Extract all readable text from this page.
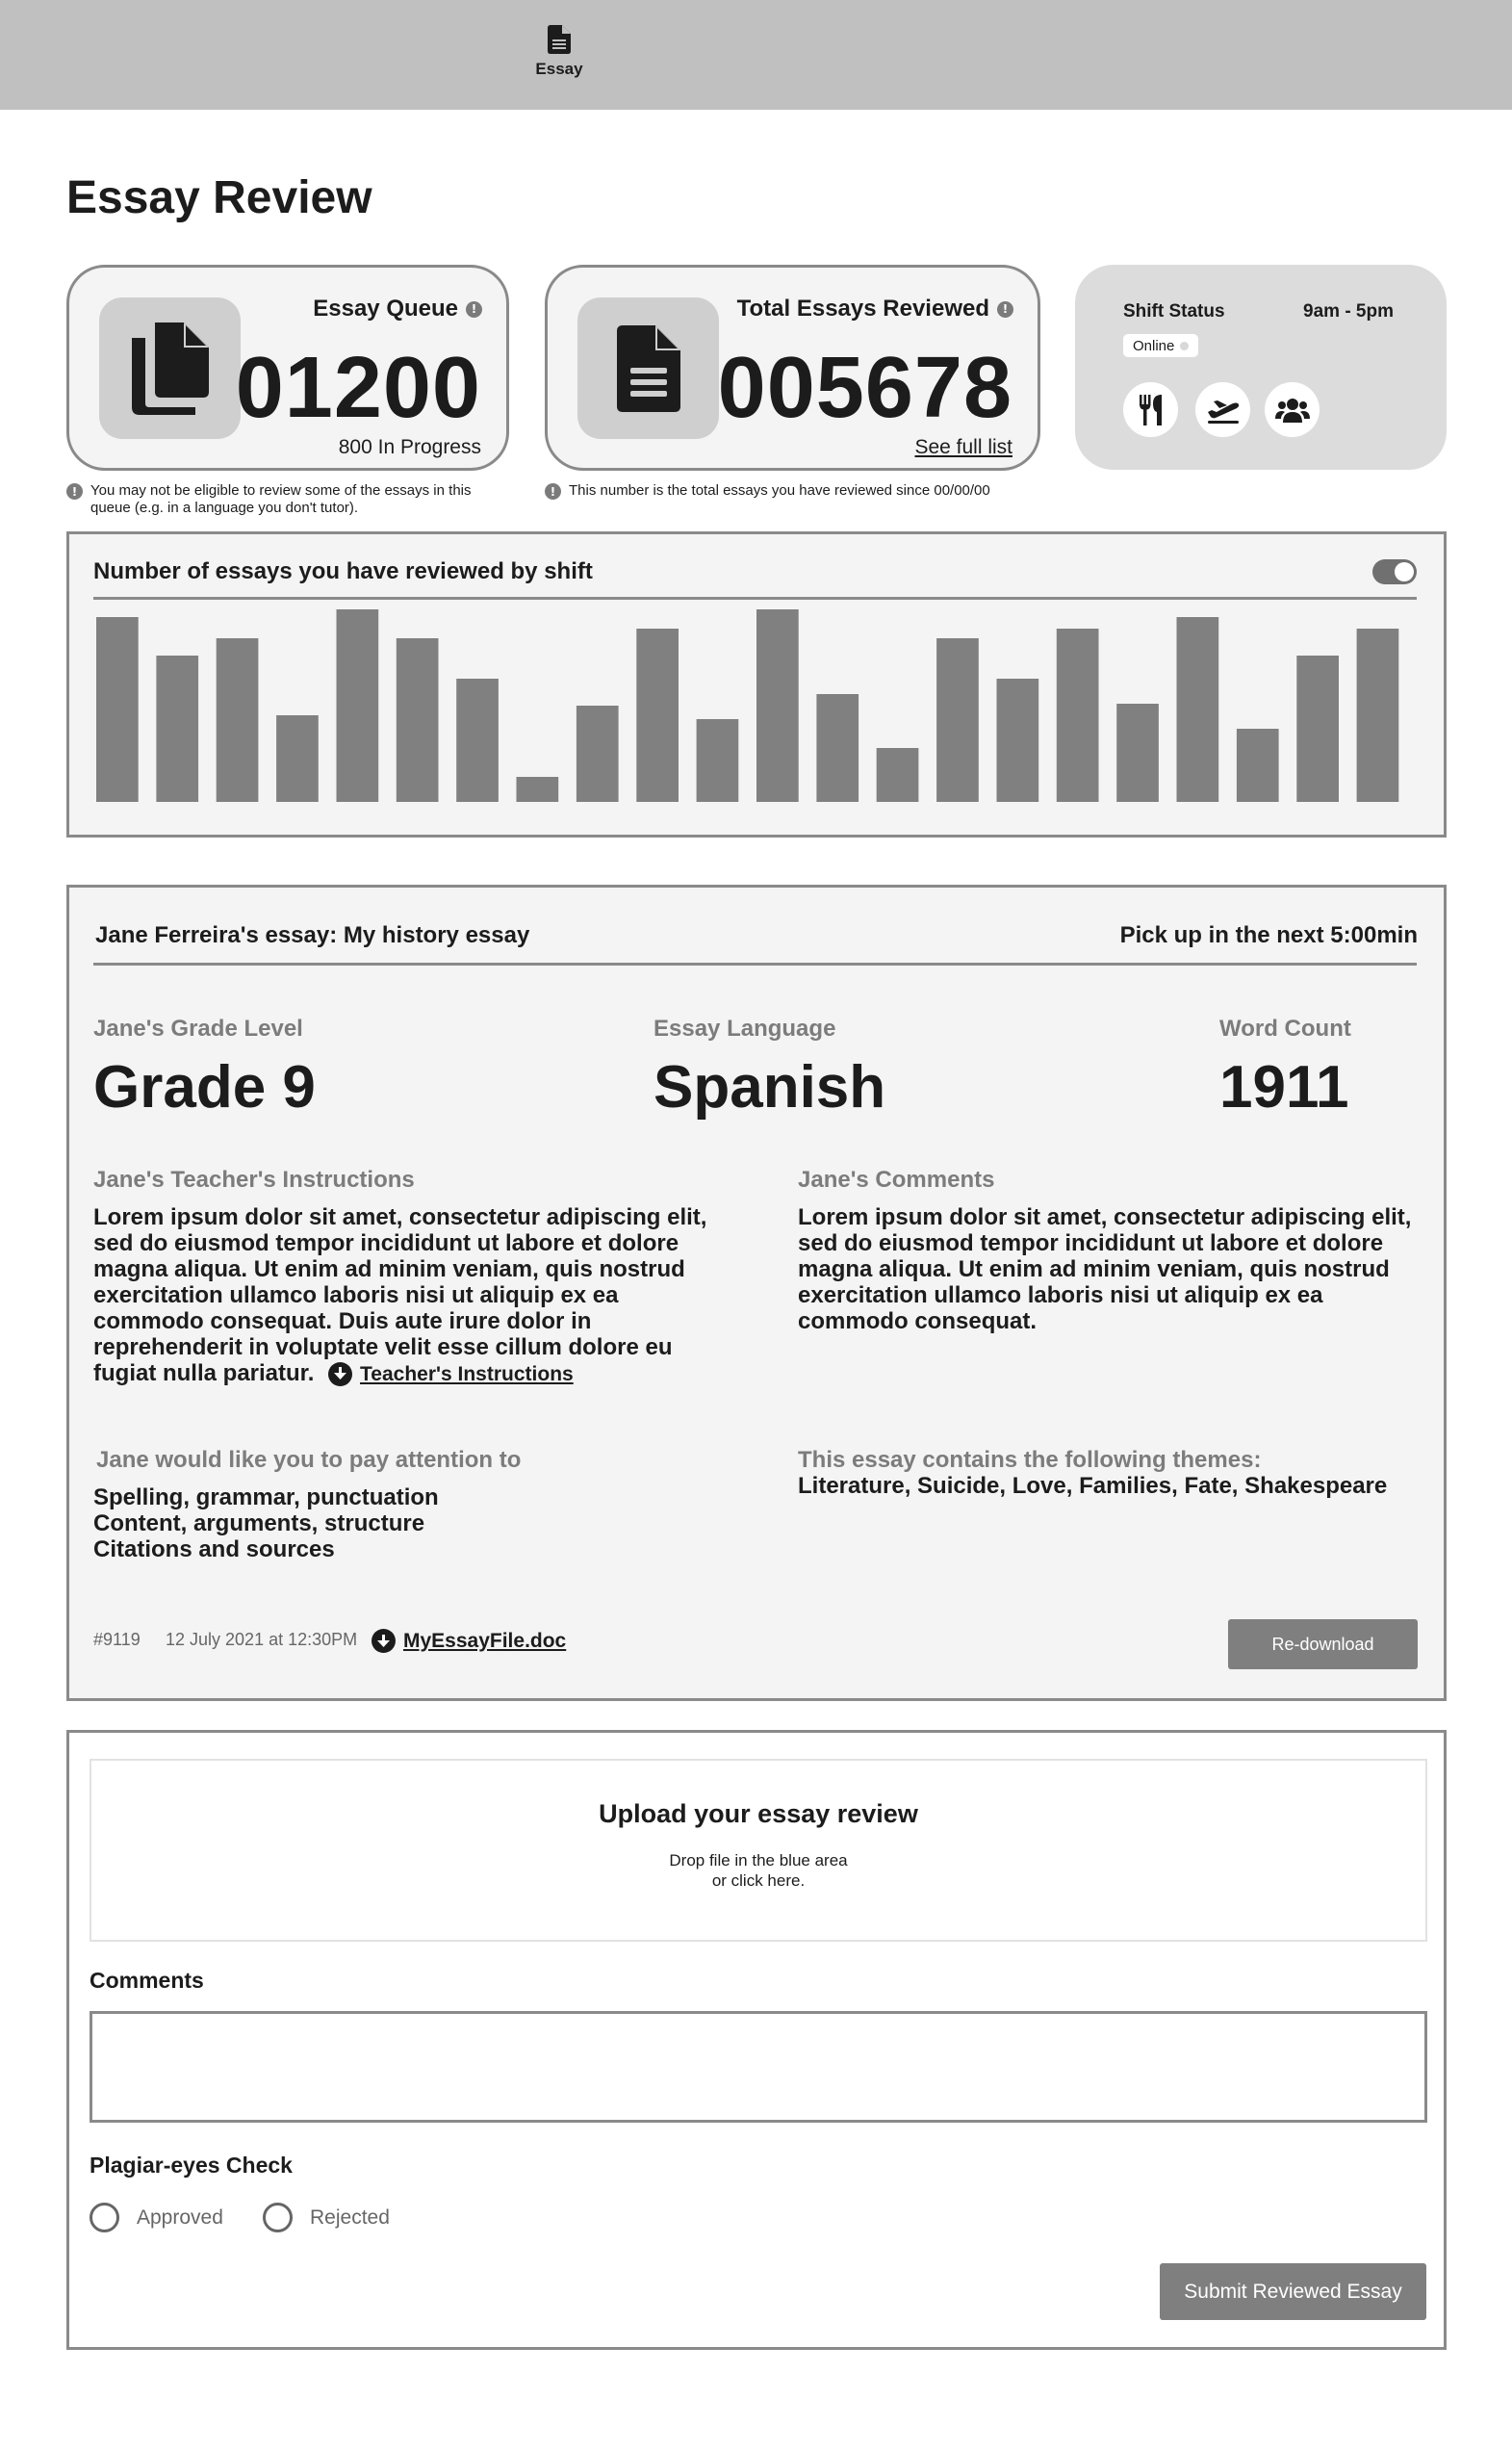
Essay
Essay Review
Essay Queue	!
01200
800 In Progress
! You may not be eligible to review some of the essays in this queue (e.g. in a language you don't tutor).
Total Essays Reviewed	!
005678
See full list
! This number is the total essays you have reviewed since 00/00/00
Shift Status	9am - 5pm
Online
Number of essays you have reviewed by shift
Jane Ferreira's essay: My history essay	Pick up in the next 5:00min
Jane's Grade Level
Grade 9
Essay Language
Spanish
Word Count
1911
Jane's Teacher's Instructions
Lorem ipsum dolor sit amet, consectetur adipiscing elit, sed do eiusmod tempor incididunt ut labore et dolore magna aliqua. Ut enim ad minim veniam, quis nostrud exercitation ullamco laboris nisi ut aliquip ex ea commodo consequat. Duis aute irure dolor in reprehenderit in voluptate velit esse cillum dolore eu fugiat nulla pariatur. Teacher's Instructions
Jane's Comments
Lorem ipsum dolor sit amet, consectetur adipiscing elit, sed do eiusmod tempor incididunt ut labore et dolore magna aliqua. Ut enim ad minim veniam, quis nostrud exercitation ullamco laboris nisi ut aliquip ex ea commodo consequat.
Jane would like you to pay attention to
Spelling, grammar, punctuation
Content, arguments, structure
Citations and sources
This essay contains the following themes:
Literature, Suicide, Love, Families, Fate, Shakespeare
#9119 12 July 2021 at 12:30PM MyEssayFile.doc	Re-download
Upload your essay review
Drop file in the blue area
or click here.
Comments
Plagiar-eyes Check
Approved	Rejected
Submit Reviewed Essay
